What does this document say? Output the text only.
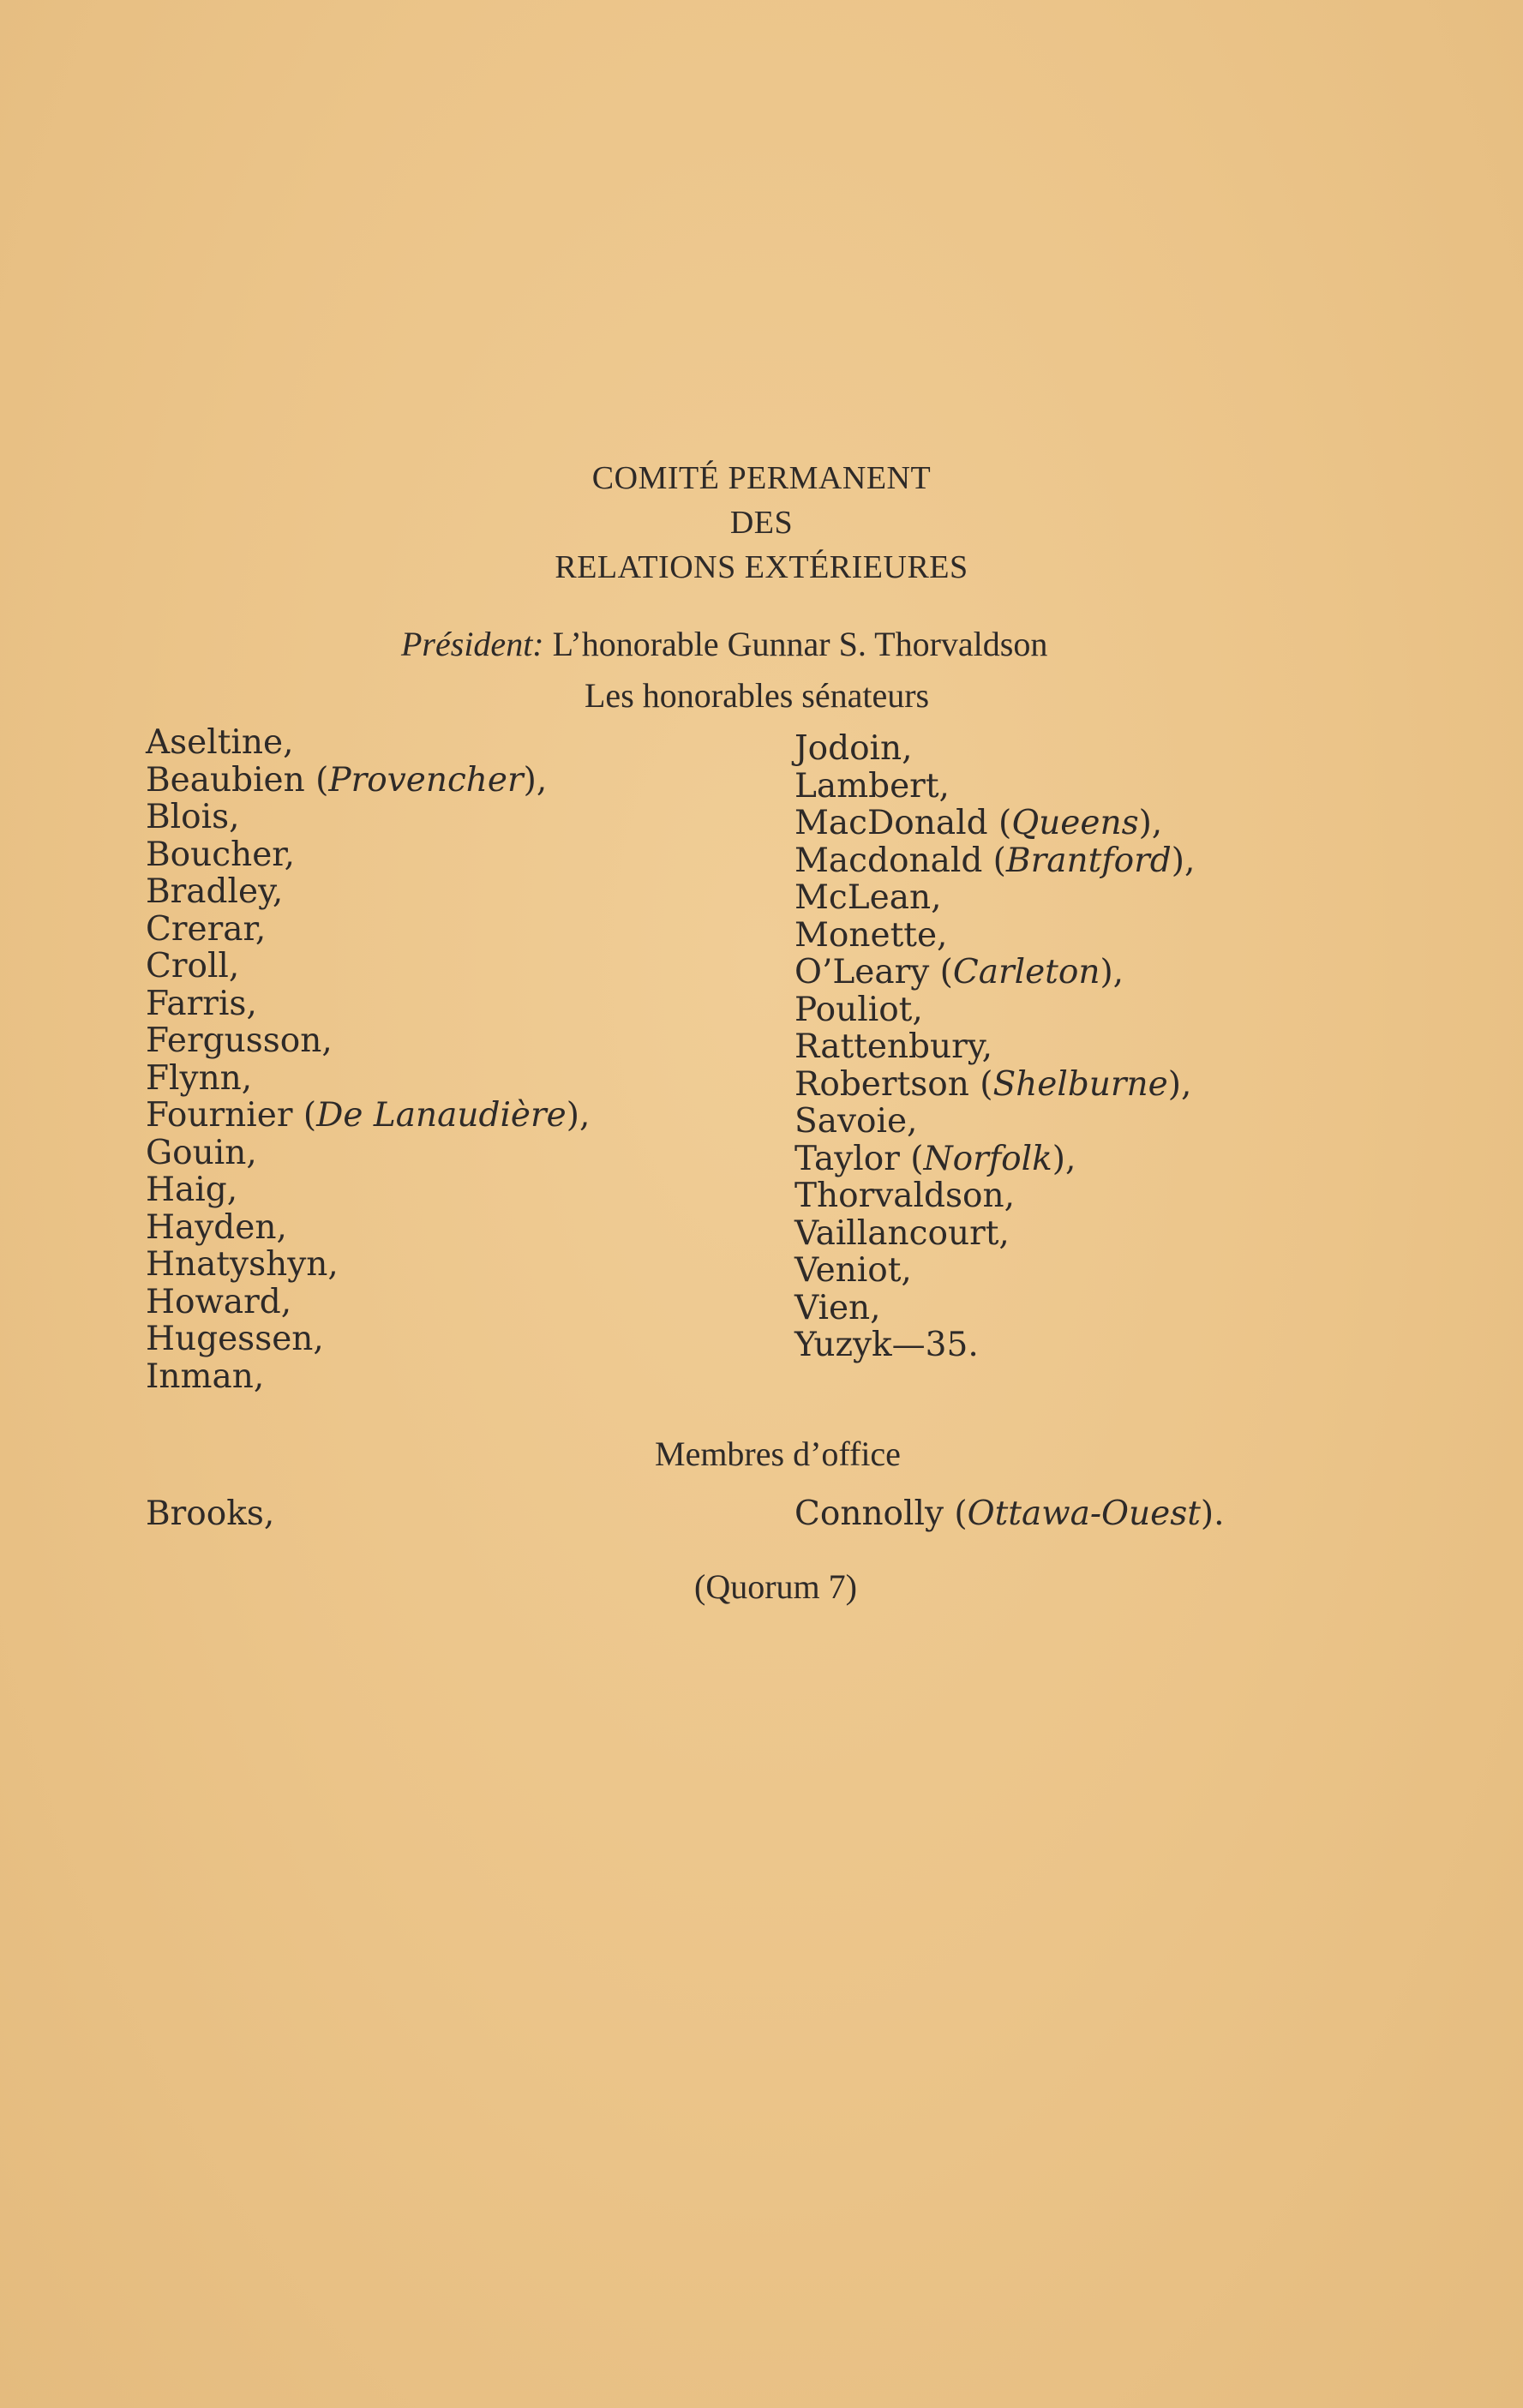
COMITÉ PERMANENT
DES
RELATIONS EXTÉRIEURES
Président: L’honorable Gunnar S. Thorvaldson
Les honorables sénateurs
Aseltine,
Beaubien (Provencher),
Blois,
Boucher,
Bradley,
Crerar,
Croll,
Farris,
Fergusson,
Flynn,
Fournier (De Lanaudière),
Gouin,
Haig,
Hayden,
Hnatyshyn,
Howard,
Hugessen,
Inman,
Jodoin,
Lambert,
MacDonald (Queens),
Macdonald (Brantford),
McLean,
Monette,
O’Leary (Carleton),
Pouliot,
Rattenbury,
Robertson (Shelburne),
Savoie,
Taylor (Norfolk),
Thorvaldson,
Vaillancourt,
Veniot,
Vien,
Yuzyk—35.
Membres d’office
Brooks,	Connolly (Ottawa-Ouest).
(Quorum 7)
